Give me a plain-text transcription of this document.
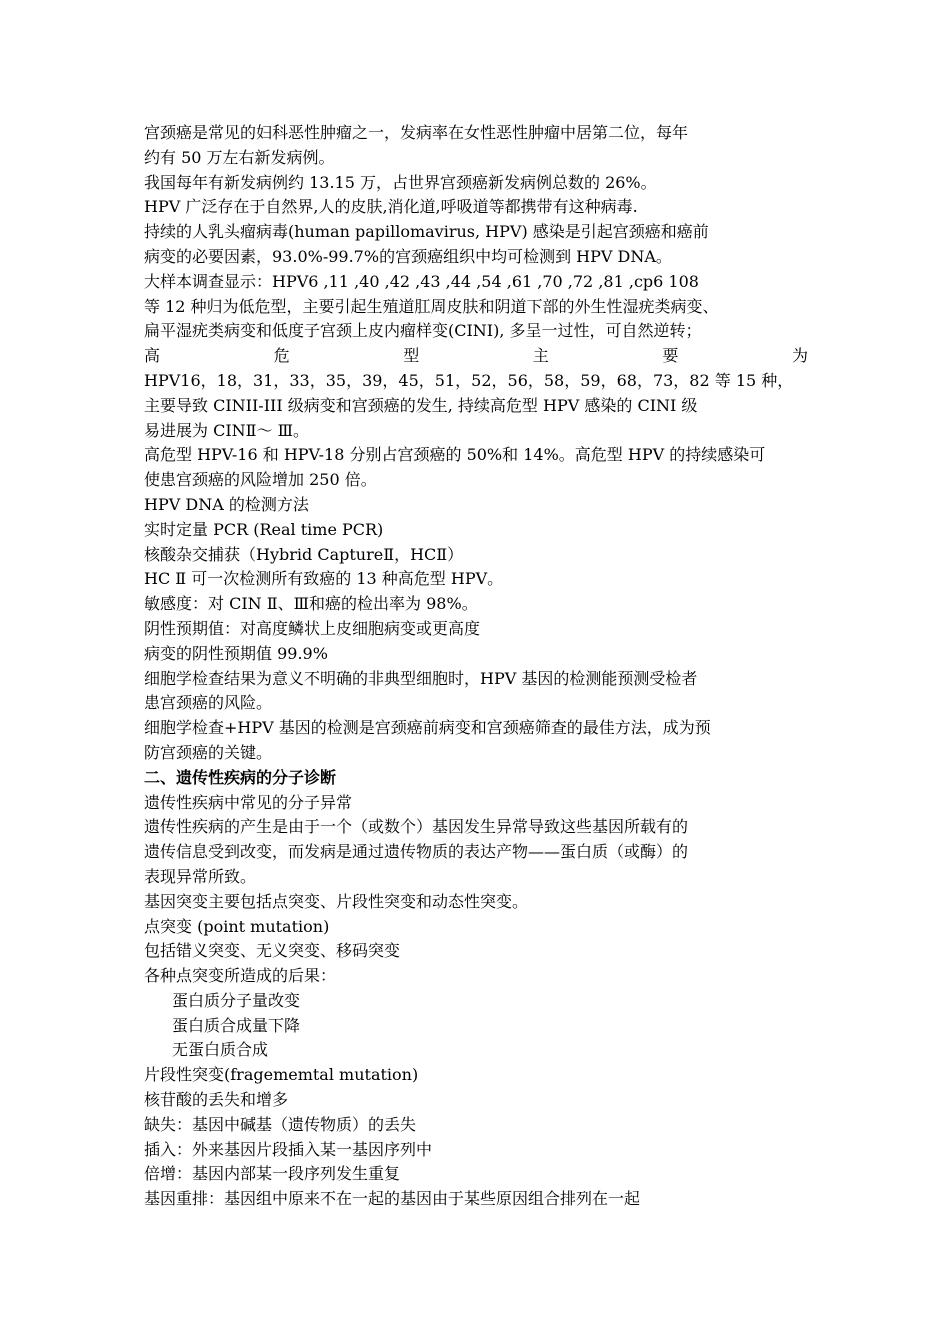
宫颈癌是常见的妇科恶性肿瘤之一，发病率在女性恶性肿瘤中居第二位，每年
约有 50 万左右新发病例。
我国每年有新发病例约 13.15 万，占世界宫颈癌新发病例总数的 26%。
HPV 广泛存在于自然界,人的皮肤,消化道,呼吸道等都携带有这种病毒.
持续的人乳头瘤病毒(human papillomavirus, HPV) 感染是引起宫颈癌和癌前
病变的必要因素，93.0%-99.7%的宫颈癌组织中均可检测到 HPV DNA。
大样本调查显示：HPV6 ,11 ,40 ,42 ,43 ,44 ,54 ,61 ,70 ,72 ,81 ,cp6 108
等 12 种归为低危型，主要引起生殖道肛周皮肤和阴道下部的外生性湿疣类病变、
扁平湿疣类病变和低度子宫颈上皮内瘤样变(CINI), 多呈一过性，可自然逆转；
高	危	型	主	要	为
HPV16，18，31，33，35，39，45，51，52，56，58，59，68，73，82 等 15 种，
主要导致 CINII-III 级病变和宫颈癌的发生, 持续高危型 HPV 感染的 CINⅠ 级
易进展为 CINⅡ～ Ⅲ。
高危型 HPV-16 和 HPV-18 分别占宫颈癌的 50%和 14%。高危型 HPV 的持续感染可
使患宫颈癌的风险增加 250 倍。
HPV DNA 的检测方法
实时定量 PCR (Real time PCR)
核酸杂交捕获（Hybrid CaptureⅡ，HCⅡ）
HC Ⅱ 可一次检测所有致癌的 13 种高危型 HPV。
敏感度：对 CIN Ⅱ、Ⅲ和癌的检出率为 98%。
阴性预期值：对高度鳞状上皮细胞病变或更高度
病变的阴性预期值 99.9%
细胞学检查结果为意义不明确的非典型细胞时，HPV 基因的检测能预测受检者
患宫颈癌的风险。
细胞学检查+HPV 基因的检测是宫颈癌前病变和宫颈癌筛查的最佳方法，成为预
防宫颈癌的关键。
二、遗传性疾病的分子诊断
遗传性疾病中常见的分子异常
遗传性疾病的产生是由于一个（或数个）基因发生异常导致这些基因所载有的
遗传信息受到改变，而发病是通过遗传物质的表达产物——蛋白质（或酶）的
表现异常所致。
基因突变主要包括点突变、片段性突变和动态性突变。
点突变 (point mutation)
包括错义突变、无义突变、移码突变
各种点突变所造成的后果：
蛋白质分子量改变
蛋白质合成量下降
无蛋白质合成
片段性突变(fragememtal mutation)
核苷酸的丢失和增多
缺失：基因中碱基（遗传物质）的丢失
插入：外来基因片段插入某一基因序列中
倍增：基因内部某一段序列发生重复
基因重排：基因组中原来不在一起的基因由于某些原因组合排列在一起
